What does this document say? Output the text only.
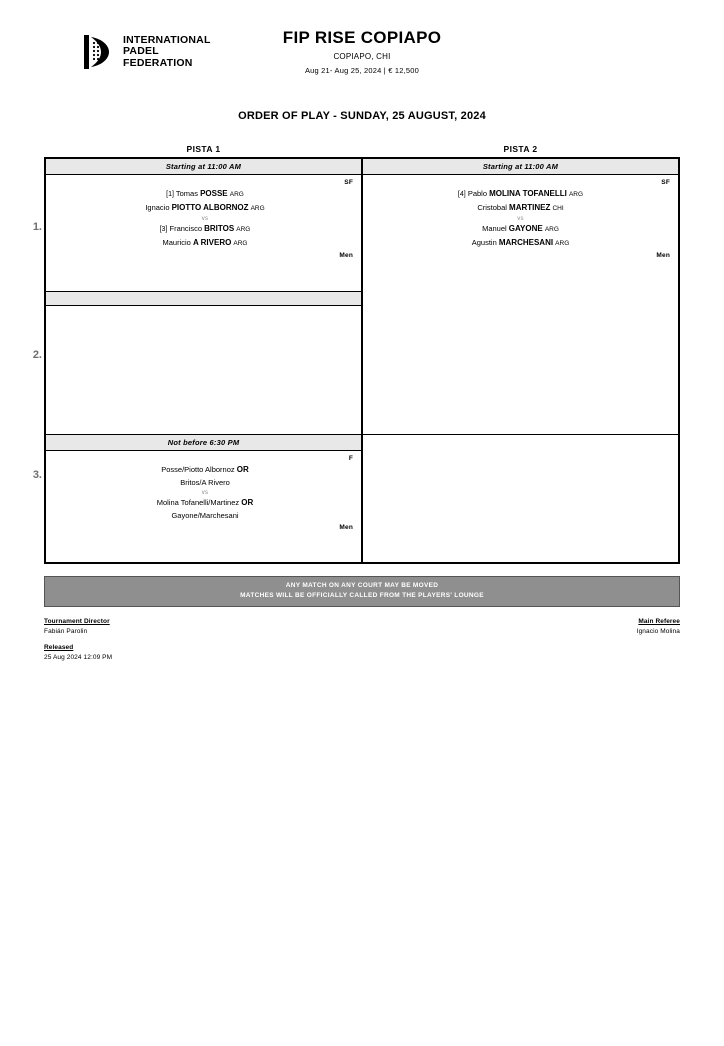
INTERNATIONAL
PADEL
FEDERATION
FIP RISE COPIAPO
COPIAPO, CHI
Aug 21- Aug 25, 2024 | € 12,500
ORDER OF PLAY - SUNDAY, 25 AUGUST, 2024
PISTA 1	PISTA 2
1.
2.
3.
Starting at 11:00 AM
SF
[1] Tomas POSSE ARG
Ignacio PIOTTO ALBORNOZ ARG
vs
[3] Francisco BRITOS ARG
Mauricio A RIVERO ARG
Men
Not before 6:30 PM
F
Posse/Piotto Albornoz OR
Britos/A Rivero
vs
Molina Tofanelli/Martinez OR
Gayone/Marchesani
Men
Starting at 11:00 AM
SF
[4] Pablo MOLINA TOFANELLI ARG
Cristobal MARTINEZ CHI
vs
Manuel GAYONE ARG
Agustin MARCHESANI ARG
Men
ANY MATCH ON ANY COURT MAY BE MOVED
MATCHES WILL BE OFFICIALLY CALLED FROM THE PLAYERS' LOUNGE
Tournament Director
Fabián Parolin
Released
25 Aug 2024 12:09 PM
Main Referee
Ignacio Molina
